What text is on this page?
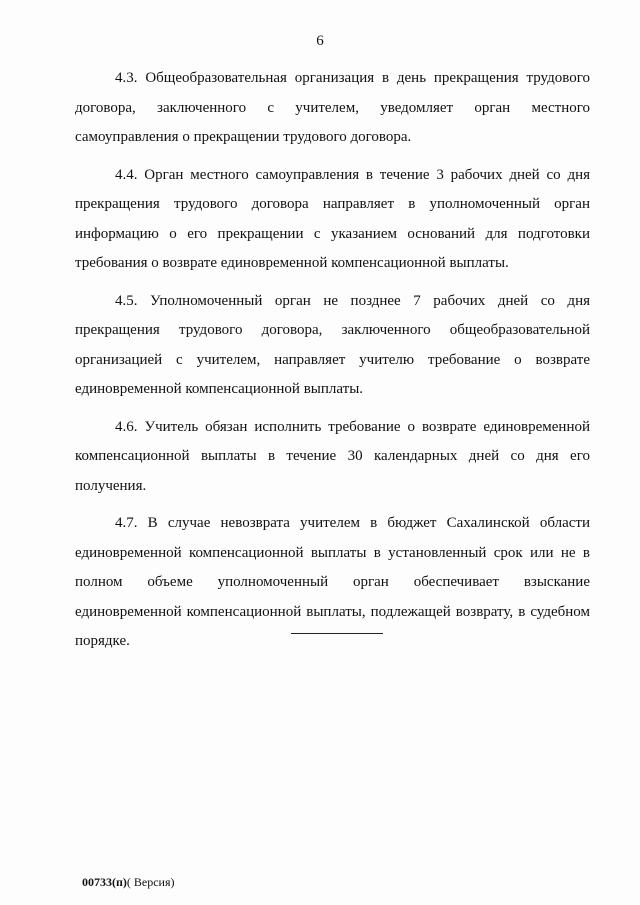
6

4.3. Общеобразовательная организация в день прекращения трудового договора, заключенного с учителем, уведомляет орган местного самоуправления о прекращении трудового договора.

4.4. Орган местного самоуправления в течение 3 рабочих дней со дня прекращения трудового договора направляет в уполномоченный орган информацию о его прекращении с указанием оснований для подготовки требования о возврате единовременной компенсационной выплаты.

4.5. Уполномоченный орган не позднее 7 рабочих дней со дня прекращения трудового договора, заключенного общеобразовательной организацией с учителем, направляет учителю требование о возврате единовременной компенсационной выплаты.

4.6. Учитель обязан исполнить требование о возврате единовременной компенсационной выплаты в течение 30 календарных дней со дня его получения.

4.7. В случае невозврата учителем в бюджет Сахалинской области единовременной компенсационной выплаты в установленный срок или не в полном объеме уполномоченный орган обеспечивает взыскание единовременной компенсационной выплаты, подлежащей возврату, в судебном порядке.

00733(п)( Версия)
